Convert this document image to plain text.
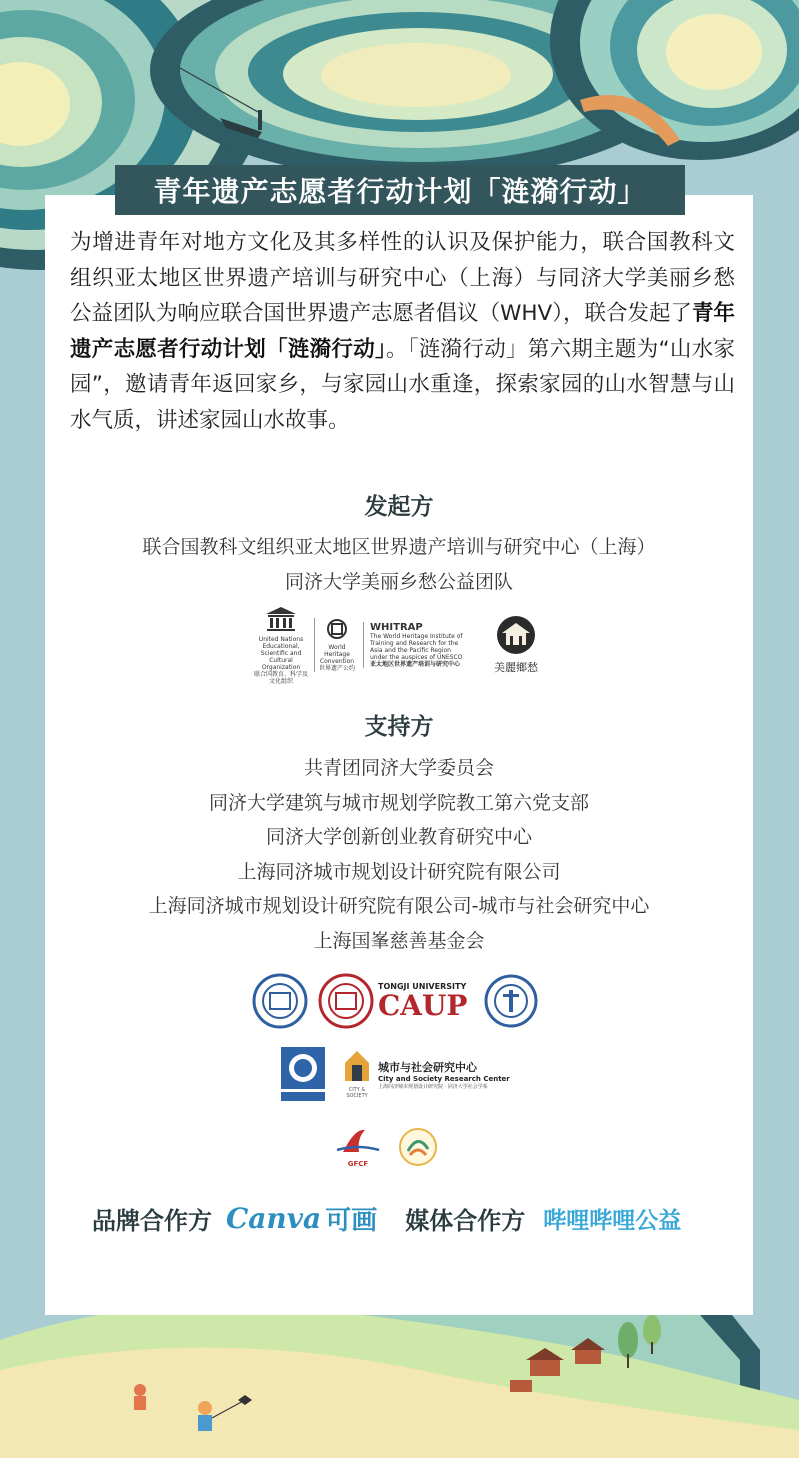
青年遗产志愿者行动计划「涟漪行动」
为增进青年对地方文化及其多样性的认识及保护能力，联合国教科文组织亚太地区世界遗产培训与研究中心（上海）与同济大学美丽乡愁公益团队为响应联合国世界遗产志愿者倡议（WHV），联合发起了青年遗产志愿者行动计划「涟漪行动」。「涟漪行动」第六期主题为“山水家园”，邀请青年返回家乡，与家园山水重逢，探索家园的山水智慧与山水气质，讲述家园山水故事。
发起方
联合国教科文组织亚太地区世界遗产培训与研究中心（上海）
同济大学美丽乡愁公益团队
United Nations Educational, Scientific and Cultural Organization
联合国教育、科学及文化组织
World Heritage Convention
世界遗产公约
WHITRAP
The World Heritage Institute of Training and Research for the Asia and the Pacific Region under the auspices of UNESCO
亚太地区世界遗产培训与研究中心	美麗鄉愁
支持方
共青团同济大学委员会
同济大学建筑与城市规划学院教工第六党支部
同济大学创新创业教育研究中心
上海同济城市规划设计研究院有限公司
上海同济城市规划设计研究院有限公司-城市与社会研究中心
上海国峯慈善基金会
TONGJI UNIVERSITY
CAUP
CITY & SOCIETY
城市与社会研究中心
City and Society Research Center
上海同济城市规划设计研究院 · 同济大学社会学系
GFCF
品牌合作方 Canva 可画 媒体合作方 哔哩哔哩公益
